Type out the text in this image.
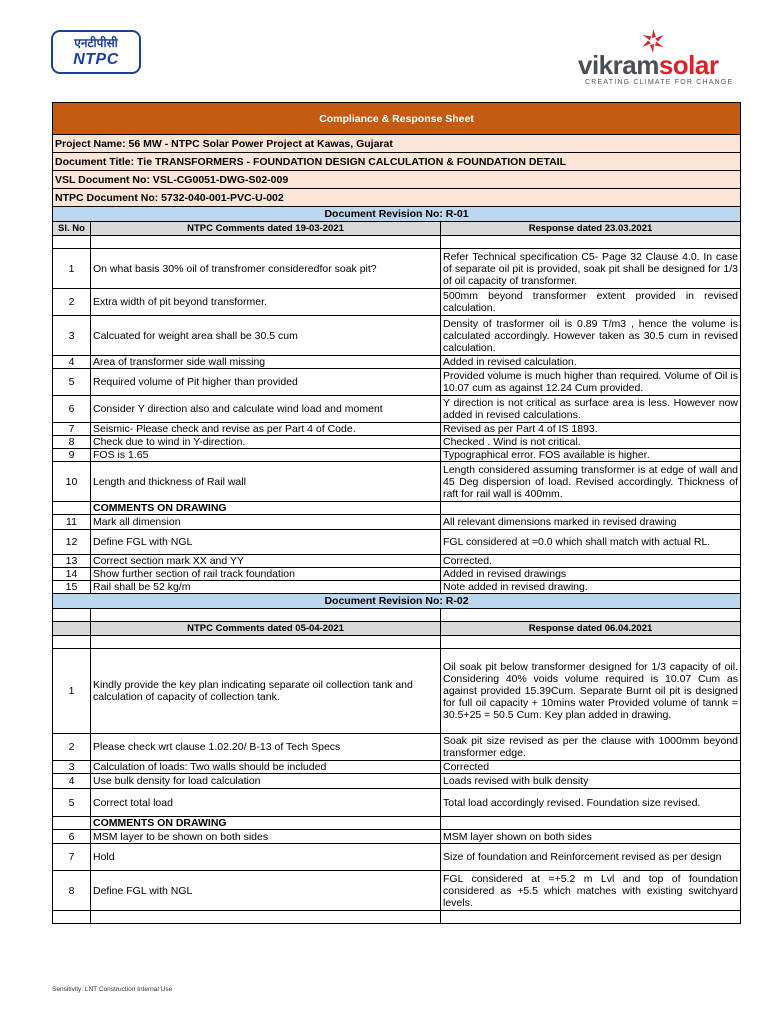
एनटीपीसी
NTPC	vikramsolar
CREATING CLIMATE FOR CHANGE
Compliance & Response Sheet		
Project Name: 56 MW - NTPC Solar Power Project at Kawas, Gujarat		
Document Title: Tie TRANSFORMERS - FOUNDATION DESIGN CALCULATION & FOUNDATION DETAIL		
VSL Document No: VSL-CG0051-DWG-S02-009		
NTPC Document No: 5732-040-001-PVC-U-002		
Document Revision No: R-01		
Sl. No	NTPC Comments dated 19-03-2021	Response dated 23.03.2021

1	On what basis 30% oil of transfromer consideredfor soak pit?	Refer Technical specification C5- Page 32 Clause 4.0. In case of separate oil pit is provided, soak pit shall be designed for 1/3 of oil capacity of transformer.
2	Extra width of pit beyond transformer.	500mm beyond transformer extent provided in revised calculation.
3	Calcuated for weight area shall be 30.5 cum	Density of trasformer oil is 0.89 T/m3 , hence the volume is calculated accordingly. However taken as 30.5 cum in revised calculation.
4	Area of transformer side wall missing	Added in revised calculation.
5	Required volume of Pit higher than provided	Provided volume is much higher than required. Volume of Oil is 10.07 cum as against 12.24 Cum provided.
6	Consider Y direction also and calculate wind load and moment	Y direction is not critical as surface area is less. However now added in revised calculations.
7	Seismic- Please check and revise as per Part 4 of Code.	Revised as per Part 4 of IS 1893.
8	Check due to wind in Y-direction.	Checked . Wind is not critical.
9	FOS is 1.65	Typographical error. FOS available is higher.
10	Length and thickness of Rail wall	Length considered assuming transformer is at edge of wall and 45 Deg dispersion of load. Revised accordingly. Thickness of raft for rail wall is 400mm.
	COMMENTS ON DRAWING	
11	Mark all dimension	All relevant dimensions marked in revised drawing
12	Define FGL with NGL	FGL considered at =0.0 which shall match with actual RL.
13	Correct section mark XX and YY	Corrected.
14	Show further section of rail track foundation	Added in revised drawings
15	Rail shall be 52 kg/m	Note added in revised drawing.
Document Revision No: R-02		

	NTPC Comments dated 05-04-2021	Response dated 06.04.2021

1	Kindly provide the key plan indicating separate oil collection tank and calculation of capacity of collection tank.	Oil soak pit below transformer designed for 1/3 capacity of oil. Considering 40% voids volume required is 10.07 Cum as against provided 15.39Cum. Separate Burnt oil pit is designed for full oil capacity + 10mins water Provided volume of tannk = 30.5+25 = 50.5 Cum. Key plan added in drawing.
2	Please check wrt clause 1.02.20/ B-13 of Tech Specs	Soak pit size revised as per the clause with 1000mm beyond transformer edge.
3	Calculation of loads: Two walls should be included	Corrected
4	Use bulk density for load calculation	Loads revised with bulk density
5	Correct total load	Total load accordingly revised. Foundation size revised.
	COMMENTS ON DRAWING	
6	MSM layer to be shown on both sides	MSM layer shown on both sides
7	Hold	Size of foundation and Reinforcement revised as per design
8	Define FGL with NGL	FGL considered at =+5.2 m Lvl and top of foundation considered as +5.5 which matches with existing switchyard levels.

Sensitivity: LNT Construction Internal Use
